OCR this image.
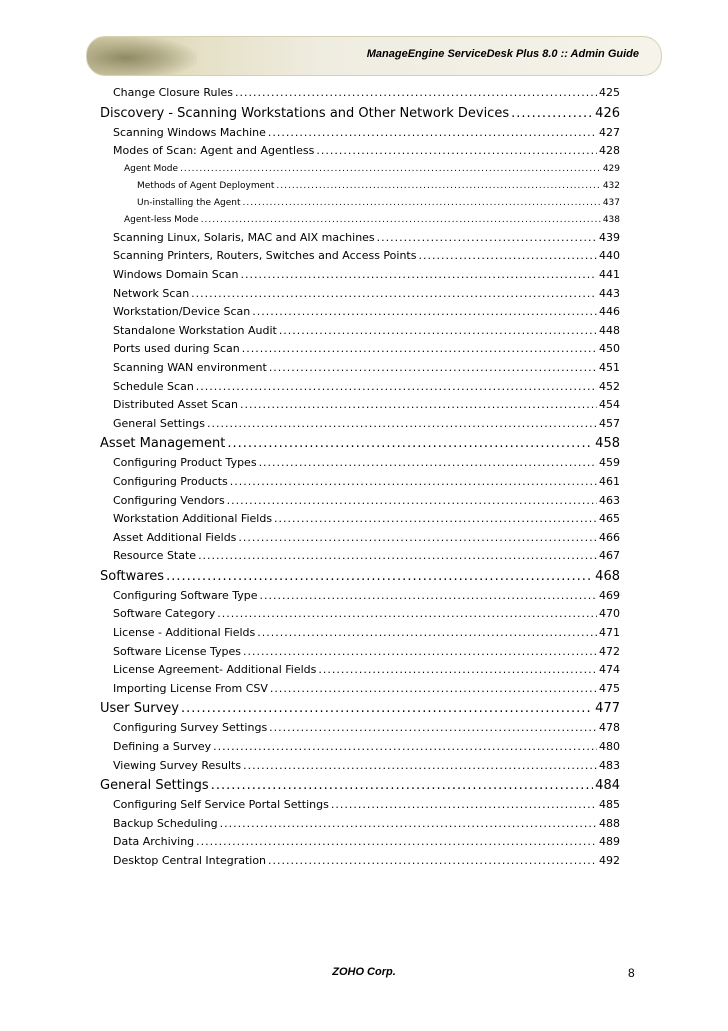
ManageEngine ServiceDesk Plus 8.0 :: Admin Guide
Change Closure Rules .....	425
Discovery - Scanning Workstations and Other Network Devices .....	426
Scanning Windows Machine .....	427
Modes of Scan: Agent and Agentless .....	428
Agent Mode .....	429
Methods of Agent Deployment .....	432
Un-installing the Agent .....	437
Agent-less Mode .....	438
Scanning Linux, Solaris, MAC and AIX machines .....	439
Scanning Printers, Routers, Switches and Access Points .....	440
Windows Domain Scan .....	441
Network Scan .....	443
Workstation/Device Scan .....	446
Standalone Workstation Audit .....	448
Ports used during Scan .....	450
Scanning WAN environment .....	451
Schedule Scan .....	452
Distributed Asset Scan .....	454
General Settings .....	457
Asset Management .....	458
Configuring Product Types .....	459
Configuring Products .....	461
Configuring Vendors .....	463
Workstation Additional Fields .....	465
Asset Additional Fields .....	466
Resource State .....	467
Softwares .....	468
Configuring Software Type .....	469
Software Category .....	470
License - Additional Fields .....	471
Software License Types .....	472
License Agreement- Additional Fields .....	474
Importing License From CSV .....	475
User Survey .....	477
Configuring Survey Settings .....	478
Defining a Survey .....	480
Viewing Survey Results .....	483
General Settings .....	484
Configuring Self Service Portal Settings .....	485
Backup Scheduling .....	488
Data Archiving .....	489
Desktop Central Integration .....	492
ZOHO Corp.	8
